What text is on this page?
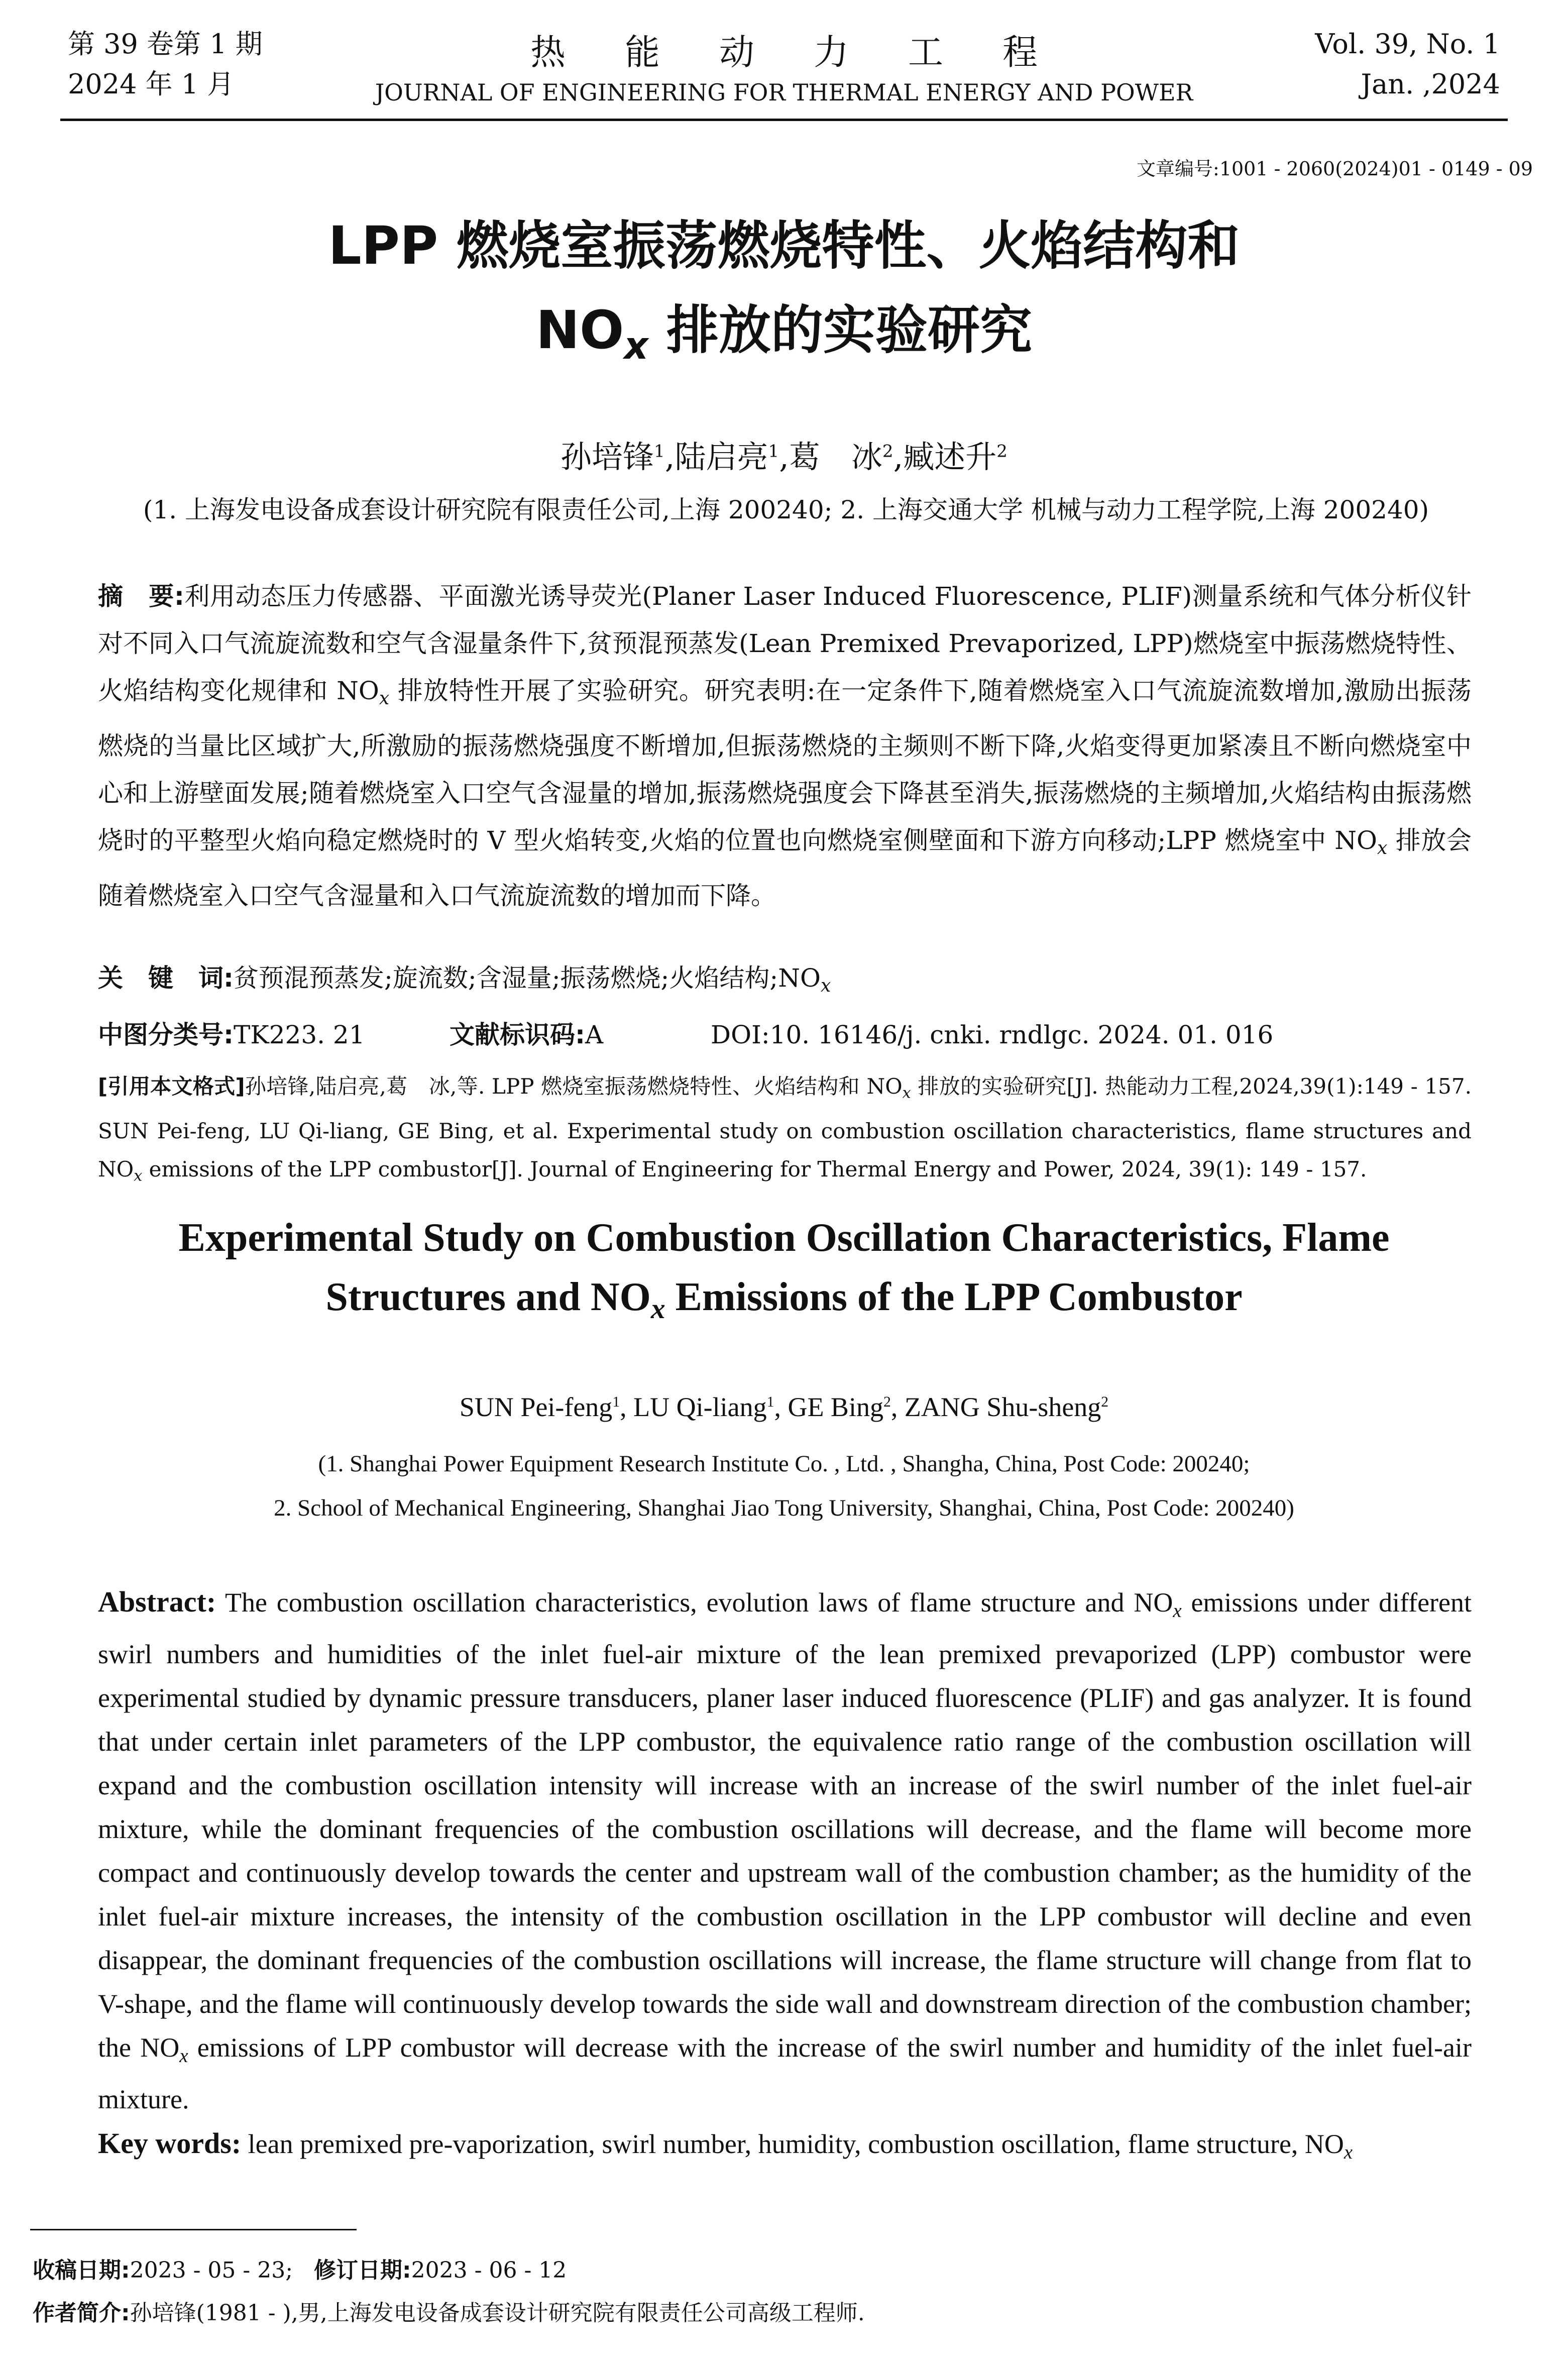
第 39 卷第 1 期
2024 年 1 月
热能动力工程
JOURNAL OF ENGINEERING FOR THERMAL ENERGY AND POWER
Vol. 39, No. 1
Jan. ,2024
文章编号:1001 - 2060(2024)01 - 0149 - 09
LPP 燃烧室振荡燃烧特性、火焰结构和
$NO_x$ 排放的实验研究
孙培锋$^1$,陆启亮$^1$,葛　冰$^2$,臧述升$^2$
(1. 上海发电设备成套设计研究院有限责任公司,上海 200240; 2. 上海交通大学 机械与动力工程学院,上海 200240)
摘　要:利用动态压力传感器、平面激光诱导荧光(Planer Laser Induced Fluorescence, PLIF)测量系统和气体分析仪针对不同入口气流旋流数和空气含湿量条件下,贫预混预蒸发(Lean Premixed Prevaporized, LPP)燃烧室中振荡燃烧特性、火焰结构变化规律和 $NO_x$ 排放特性开展了实验研究。研究表明:在一定条件下,随着燃烧室入口气流旋流数增加,激励出振荡燃烧的当量比区域扩大,所激励的振荡燃烧强度不断增加,但振荡燃烧的主频则不断下降,火焰变得更加紧凑且不断向燃烧室中心和上游壁面发展;随着燃烧室入口空气含湿量的增加,振荡燃烧强度会下降甚至消失,振荡燃烧的主频增加,火焰结构由振荡燃烧时的平整型火焰向稳定燃烧时的 V 型火焰转变,火焰的位置也向燃烧室侧壁面和下游方向移动;LPP 燃烧室中 $NO_x$ 排放会随着燃烧室入口空气含湿量和入口气流旋流数的增加而下降。
关　键　词:贫预混预蒸发;旋流数;含湿量;振荡燃烧;火焰结构$;NO_x$
中图分类号:TK223. 21	文献标识码:A	DOI:10. 16146/j. cnki. rndlgc. 2024. 01. 016
[引用本文格式]孙培锋,陆启亮,葛　冰,等. LPP 燃烧室振荡燃烧特性、火焰结构和 $NO_x$ 排放的实验研究[J]. 热能动力工程,2024,39(1):149 - 157. SUN Pei-feng, LU Qi-liang, GE Bing, et al. Experimental study on combustion oscillation characteristics, flame structures and $NO_x$ emissions of the LPP combustor[J]. Journal of Engineering for Thermal Energy and Power, 2024, 39(1): 149 - 157.
Experimental Study on Combustion Oscillation Characteristics, Flame
Structures and $NO_x$ Emissions of the LPP Combustor
SUN Pei-feng$^1$, LU Qi-liang$^1$, GE Bing$^2$, ZANG Shu-sheng$^2$
(1. Shanghai Power Equipment Research Institute Co. , Ltd. , Shangha, China, Post Code: 200240;
2. School of Mechanical Engineering, Shanghai Jiao Tong University, Shanghai, China, Post Code: 200240)
Abstract: The combustion oscillation characteristics, evolution laws of flame structure and $NO_x$ emissions under different swirl numbers and humidities of the inlet fuel-air mixture of the lean premixed prevaporized (LPP) combustor were experimental studied by dynamic pressure transducers, planer laser induced fluorescence (PLIF) and gas analyzer. It is found that under certain inlet parameters of the LPP combustor, the equivalence ratio range of the combustion oscillation will expand and the combustion oscillation intensity will increase with an increase of the swirl number of the inlet fuel-air mixture, while the dominant frequencies of the combustion oscillations will decrease, and the flame will become more compact and continuously develop towards the center and upstream wall of the combustion chamber; as the humidity of the inlet fuel-air mixture increases, the intensity of the combustion oscillation in the LPP combustor will decline and even disappear, the dominant frequencies of the combustion oscillations will increase, the flame structure will change from flat to V-shape, and the flame will continuously develop towards the side wall and downstream direction of the combustion chamber; the $NO_x$ emissions of LPP combustor will decrease with the increase of the swirl number and humidity of the inlet fuel-air mixture.
Key words: lean premixed pre-vaporization, swirl number, humidity, combustion oscillation, flame structure, $NO_x$
收稿日期:2023 - 05 - 23; 修订日期:2023 - 06 - 12
作者简介:孙培锋(1981 - ),男,上海发电设备成套设计研究院有限责任公司高级工程师.
